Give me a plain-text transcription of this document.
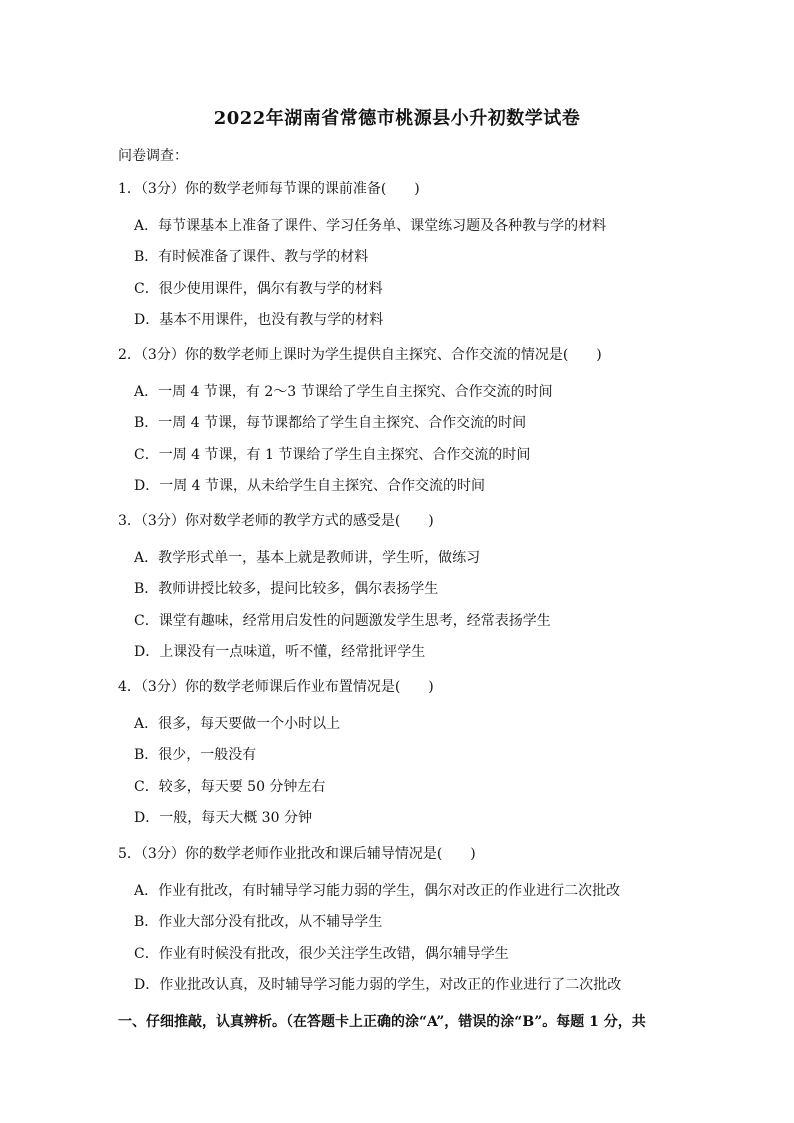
2022年湖南省常德市桃源县小升初数学试卷
问卷调查：
1．（3分）你的数学老师每节课的课前准备(　　)
A．每节课基本上准备了课件、学习任务单、课堂练习题及各种教与学的材料
B．有时候准备了课件、教与学的材料
C．很少使用课件，偶尔有教与学的材料
D．基本不用课件，也没有教与学的材料
2．（3分）你的数学老师上课时为学生提供自主探究、合作交流的情况是(　　)
A．一周 4 节课，有 2～3 节课给了学生自主探究、合作交流的时间
B．一周 4 节课，每节课都给了学生自主探究、合作交流的时间
C．一周 4 节课，有 1 节课给了学生自主探究、合作交流的时间
D．一周 4 节课，从未给学生自主探究、合作交流的时间
3．（3分）你对数学老师的教学方式的感受是(　　)
A．教学形式单一，基本上就是教师讲，学生听，做练习
B．教师讲授比较多，提问比较多，偶尔表扬学生
C．课堂有趣味，经常用启发性的问题激发学生思考，经常表扬学生
D．上课没有一点味道，听不懂，经常批评学生
4．（3分）你的数学老师课后作业布置情况是(　　)
A．很多，每天要做一个小时以上
B．很少，一般没有
C．较多，每天要 50 分钟左右
D．一般，每天大概 30 分钟
5．（3分）你的数学老师作业批改和课后辅导情况是(　　)
A．作业有批改，有时辅导学习能力弱的学生，偶尔对改正的作业进行二次批改
B．作业大部分没有批改，从不辅导学生
C．作业有时候没有批改，很少关注学生改错，偶尔辅导学生
D．作业批改认真，及时辅导学习能力弱的学生，对改正的作业进行了二次批改
一、仔细推敲，认真辨析。（在答题卡上正确的涂“A”，错误的涂“B”。每题 1 分，共
